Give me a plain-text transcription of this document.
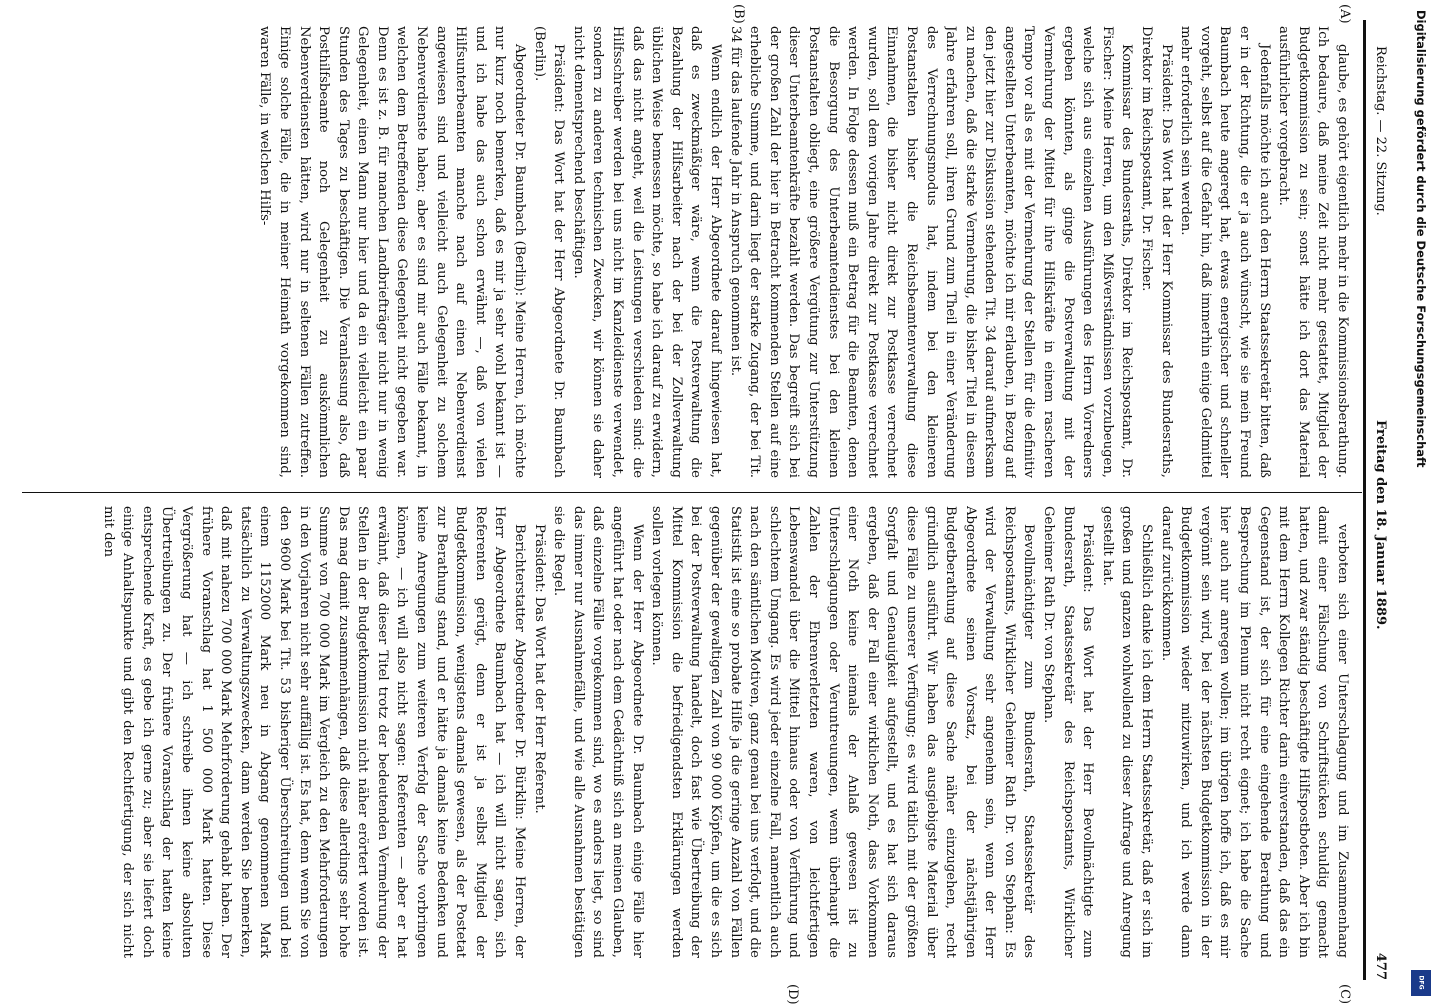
Reichstag. — 22. Sitzung.
Freitag den 18. Januar 1889.
477
(A)
(B)
(C)
(D)

glaube, es gehört eigentlich mehr in die Kommissionsberathung. Ich bedaure, daß meine Zeit nicht mehr gestattet, Mitglied der Budgetkommission zu sein; sonst hätte ich dort das Material ausführlicher vorgebracht.

Jedenfalls möchte ich auch den Herrn Staatssekretär bitten, daß er in der Richtung, die er ja auch wünscht, wie sie mein Freund Baumbach heute angeregt hat, etwas energischer und schneller vorgeht, selbst auf die Gefahr hin, daß immerhin einige Geldmittel mehr erforderlich sein werden.

Präsident: Das Wort hat der Herr Kommissar des Bundesraths, Direktor im Reichspostamt, Dr. Fischer.

Kommissar des Bundesraths, Direktor im Reichspostamt, Dr. Fischer: Meine Herren, um den Mißverständnissen vorzubeugen, welche sich aus einzelnen Ausführungen des Herrn Vorredners ergeben könnten, als ginge die Postverwaltung mit der Vermehrung der Mittel für ihre Hilfskräfte in einem rascheren Tempo vor als es mit der Vermehrung der Stellen für die definitiv angestellten Unterbeamten, möchte ich mir erlauben, in Bezug auf den jetzt hier zur Diskussion stehenden Tit. 34 darauf aufmerksam zu machen, daß die starke Vermehrung, die bisher Titel in diesem Jahre erfahren soll, ihren Grund zum Theil in einer Veränderung des Verrechnungsmodus hat, indem bei den kleineren Postanstalten bisher die Reichsbeamtenverwaltung diese Einnahmen, die bisher nicht direkt zur Postkasse verrechnet wurden, soll dem vorigen Jahre direkt zur Postkasse verrechnet werden. In Folge dessen muß ein Betrag für die Beamten, denen die Besorgung des Unterbeamtendienstes bei den kleinen Postanstalten obliegt, eine größere Vergütung zur Unterstützung dieser Unterbeamtenkräfte bezahlt werden. Das begreift sich bei der großen Zahl der hier in Betracht kommenden Stellen auf eine erhebliche Summe, und darin liegt der starke Zugang, der bei Tit. 34 für das laufende Jahr in Anspruch genommen ist.

Wenn endlich der Herr Abgeordnete darauf hingewiesen hat, daß es zweckmäßiger wäre, wenn die Postverwaltung die Bezahlung der Hilfsarbeiter nach der bei der Zollverwaltung üblichen Weise bemessen möchte, so habe ich darauf zu erwidern, daß das nicht angeht, weil die Leistungen verschieden sind: die Hilfsschreiber werden bei uns nicht im Kanzleidienste verwendet, sondern zu anderen technischen Zwecken, wir können sie daher nicht dementsprechend beschäftigen.

Präsident: Das Wort hat der Herr Abgeordnete Dr. Baumbach (Berlin).

Abgeordneter Dr. Baumbach (Berlin): Meine Herren, ich möchte nur kurz noch bemerken, daß es mir ja sehr wohl bekannt ist — und ich habe das auch schon erwähnt —, daß von vielen Hilfsunterbeamten manche nach auf einen Nebenverdienst angewiesen sind und vielleicht auch Gelegenheit zu solchem Nebenverdienste haben; aber es sind mir auch Fälle bekannt, in welchen dem Betreffenden diese Gelegenheit nicht gegeben war. Denn es ist z. B. für manchen Landbriefträger nicht nur in wenig Gelegenheit, einen Mann nur hier und da ein vielleicht ein paar Stunden des Tages zu beschäftigen. Die Veranlassung also, daß Posthilfsbeamte noch Gelegenheit zu auskömmlichen Nebenverdiensten hätten, wird nur in seltenen Fällen zutreffen. Einige solche Fälle, die in meiner Heimath vorgekommen sind, waren Fälle, in welchen Hilfs-

verboten sich einer Unterschlagung und im Zusammenhang damit einer Fälschung von Schriftstücken schuldig gemacht hatten, und zwar ständig beschäftigte Hilfspostboten. Aber ich bin mit dem Herrn Kollegen Richter darin einverstanden, daß das ein Gegenstand ist, der sich für eine eingehende Berathung und Besprechung im Plenum nicht recht eignet; ich habe die Sache hier auch nur anregen wollen; im übrigen hoffe ich, daß es mir vergönnt sein wird, bei der nächsten Budgetkommission in der Budgetkommission wieder mitzuwirken, und ich werde dann darauf zurückkommen.

Schließlich danke ich dem Herrn Staatssekretär, daß er sich im großen und ganzen wohlwollend zu dieser Anfrage und Anregung gestellt hat.

Präsident: Das Wort hat der Herr Bevollmächtigte zum Bundesrath, Staatssekretär des Reichspostamts, Wirklicher Geheimer Rath Dr. von Stephan.

Bevollmächtigter zum Bundesrath, Staatssekretär des Reichspostamts, Wirklicher Geheimer Rath Dr. von Stephan: Es wird der Verwaltung sehr angenehm sein, wenn der Herr Abgeordnete seinen Vorsatz, bei der nächstjährigen Budgetberathung auf diese Sache näher einzugehen, recht gründlich ausführt. Wir haben das ausgiebigste Material über diese Fälle zu unserer Verfügung; es wird tätlich mit der größten Sorgfalt und Genauigkeit aufgestellt, und es hat sich daraus ergeben, daß der Fall einer wirklichen Noth, dass Vorkommen einer Noth keine niemals der Anlaß gewesen ist zu Unterschlagungen oder Veruntreuungen, wenn überhaupt die Zahlen der Ehrenverletzten waren, von leichtfertigen Lebenswandel über die Mittel hinaus oder von Verführung und schlechtem Umgang. Es wird jeder einzelne Fall, namentlich auch nach den sämtlichen Motiven, ganz genau bei uns verfolgt, und die Statistik ist eine so probate Hilfe ja die geringe Anzahl von Fällen gegenüber der gewaltigen Zahl von 90 000 Köpfen, um die es sich bei der Postverwaltung handelt, doch fast wie Übertreibung der Mittel Kommission die befriedigendsten Erklärungen werden sollen vorlegen können.

Wenn der Herr Abgeordnete Dr. Baumbach einige Fälle hier angeführt hat oder nach dem Gedächtniß sich an meinen Glauben, daß einzelne Fälle vorgekommen sind, wo es anders liegt, so sind das immer nur Ausnahmefälle, und wie alle Ausnahmen bestätigen sie die Regel.

Präsident: Das Wort hat der Herr Referent.

Berichterstatter Abgeordneter Dr. Bürklin: Meine Herren, der Herr Abgeordnete Baumbach hat — ich will nicht sagen, sich Referenten gerügt, denn er ist ja selbst Mitglied der Budgetkommission, wenigstens damals gewesen, als der Postetat zur Berathung stand, und er hätte ja damals keine Bedenken und keine Anregungen zum weiteren Verfolg der Sache vorbringen können, — ich will also nicht sagen: Referenten — aber er hat erwähnt, daß dieser Titel trotz der bedeutenden Vermehrung der Stellen in der Budgetkommission nicht näher erörtert worden ist. Das mag damit zusammenhängen, daß diese allerdings sehr hohe Summe von 700 000 Mark im Vergleich zu den Mehrforderungen in den Vorjahren nicht sehr auffällig ist. Es hat, denn wenn Sie von den 9600 Mark bei Tit. 53 bisheriger Überschreitungen und bei einem 1152000 Mark neu in Abgang genommenen Mark tatsächlich zu Verwaltungszwecken, dann werden Sie bemerken, daß mit nahezu 700 000 Mark Mehrforderung gehabt haben. Der frühere Voranschlag hat 1 500 000 Mark hatten. Diese Vergrößerung hat — ich schreibe ihnen keine absoluten Übertreibungen zu. Der frühere Voranschlag der hatten keine entsprechende Kraft, es gebe ich gerne zu; aber sie liefert doch einige Anhaltspunkte und gibt den Rechtfertigung, der sich nicht mit den

Digitalisierung gefördert durch die Deutsche Forschungsgemeinschaft
DFG
